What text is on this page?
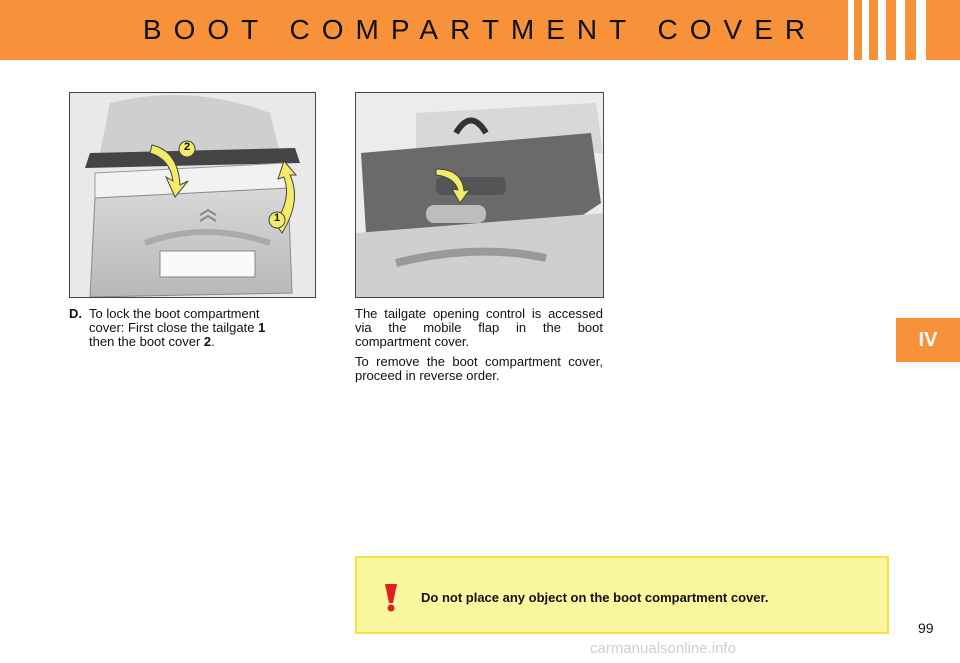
BOOT COMPARTMENT COVER
IV
2
1
D. To lock the boot compartment
cover: First close the tailgate 1
then the boot cover 2.

The tailgate opening control is accessed via the mobile flap in the boot compartment cover.

To remove the boot compartment cover, proceed in reverse order.

Do not place any object on the boot compartment cover.
99
carmanualsonline.info
